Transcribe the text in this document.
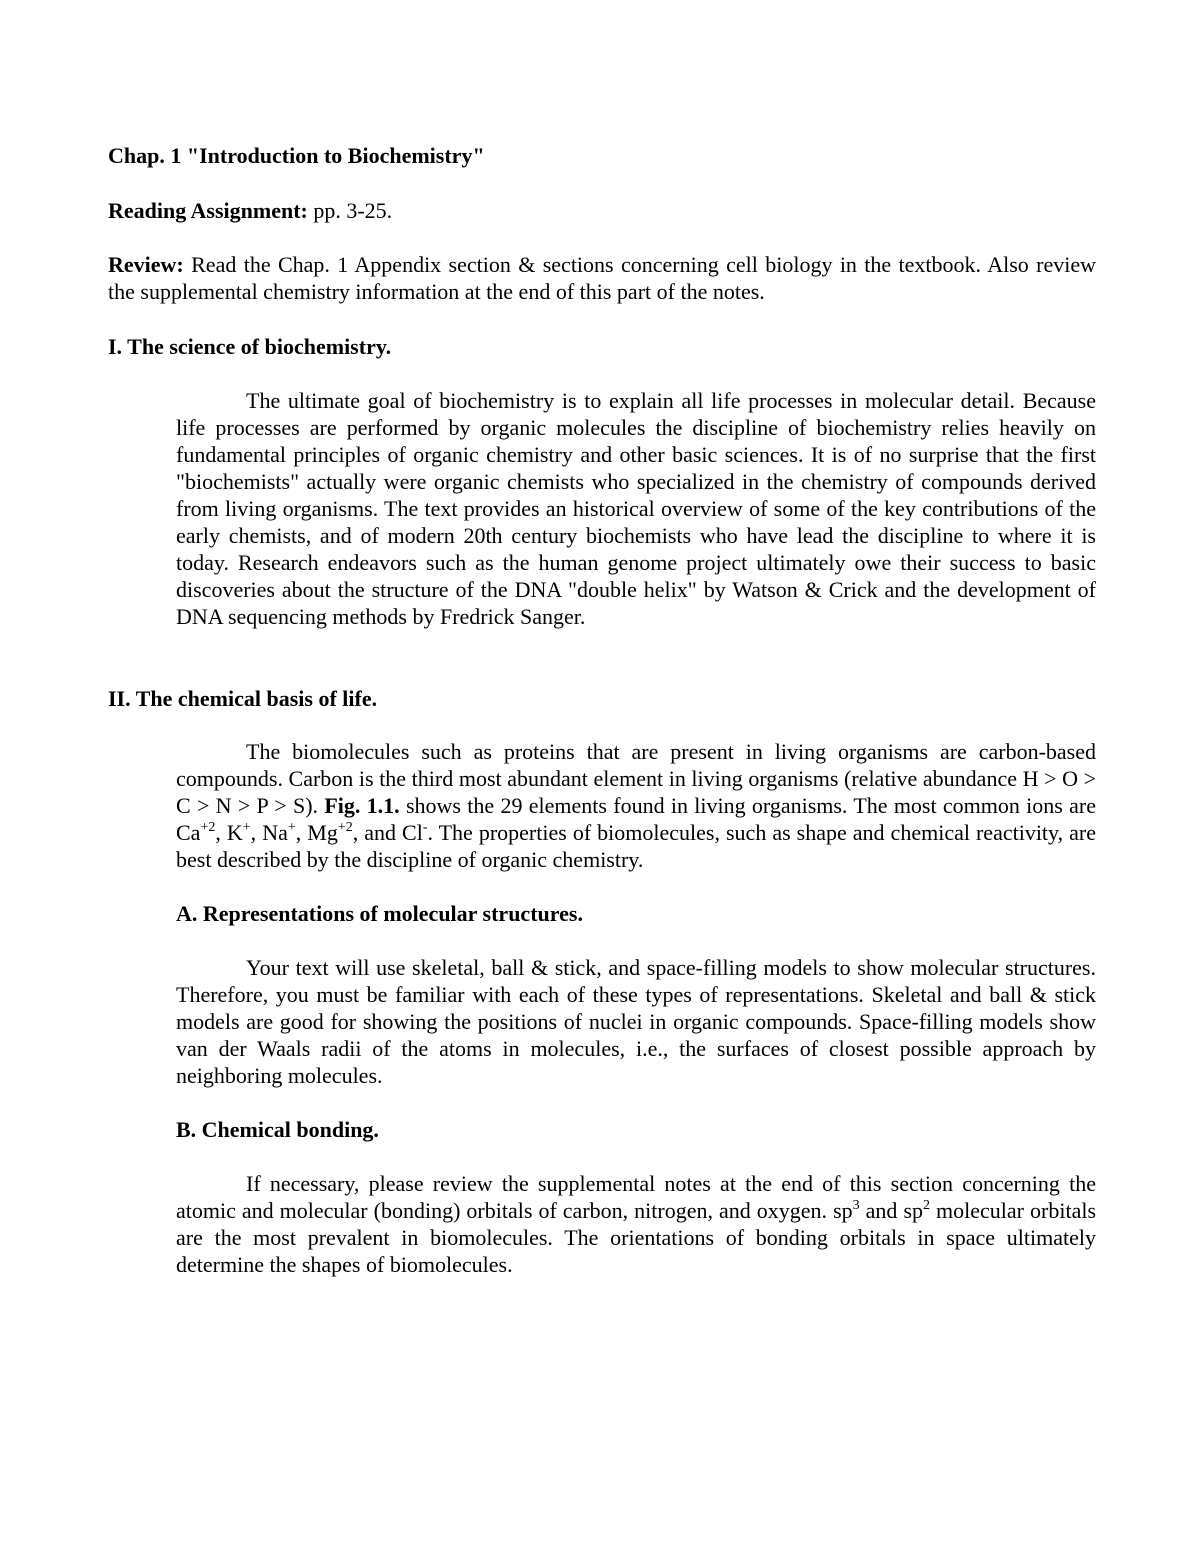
Chap. 1 "Introduction to Biochemistry"

Reading Assignment: pp. 3-25.

Review: Read the Chap. 1 Appendix section & sections concerning cell biology in the textbook. Also review the supplemental chemistry information at the end of this part of the notes.

I. The science of biochemistry.

The ultimate goal of biochemistry is to explain all life processes in molecular detail. Because life processes are performed by organic molecules the discipline of biochemistry relies heavily on fundamental principles of organic chemistry and other basic sciences. It is of no surprise that the first "biochemists" actually were organic chemists who specialized in the chemistry of compounds derived from living organisms. The text provides an historical overview of some of the key contributions of the early chemists, and of modern 20th century biochemists who have lead the discipline to where it is today. Research endeavors such as the human genome project ultimately owe their success to basic discoveries about the structure of the DNA "double helix" by Watson & Crick and the development of DNA sequencing methods by Fredrick Sanger.

II. The chemical basis of life.

The biomolecules such as proteins that are present in living organisms are carbon-based compounds. Carbon is the third most abundant element in living organisms (relative abundance H > O > C > N > P > S). Fig. 1.1. shows the 29 elements found in living organisms. The most common ions are $Ca^{+2}$, K+, Na+, $Mg^{+2}$, and Cl-. The properties of biomolecules, such as shape and chemical reactivity, are best described by the discipline of organic chemistry.

A. Representations of molecular structures.

Your text will use skeletal, ball & stick, and space-filling models to show molecular structures. Therefore, you must be familiar with each of these types of representations. Skeletal and ball & stick models are good for showing the positions of nuclei in organic compounds. Space-filling models show van der Waals radii of the atoms in molecules, i.e., the surfaces of closest possible approach by neighboring molecules.

B. Chemical bonding.

If necessary, please review the supplemental notes at the end of this section concerning the atomic and molecular (bonding) orbitals of carbon, nitrogen, and oxygen. $sp^3$ and $sp^2$ molecular orbitals are the most prevalent in biomolecules. The orientations of bonding orbitals in space ultimately determine the shapes of biomolecules.
